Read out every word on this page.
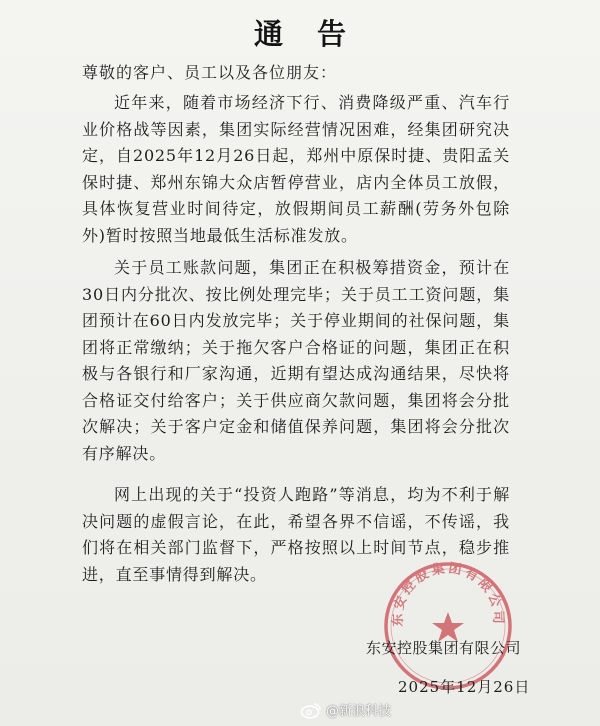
通告
尊敬的客户、员工以及各位朋友：

近年来，随着市场经济下行、消费降级严重、汽车行业价格战等因素，集团实际经营情况困难，经集团研究决定，自2025年12月26日起，郑州中原保时捷、贵阳孟关保时捷、郑州东锦大众店暂停营业，店内全体员工放假，具体恢复营业时间待定，放假期间员工薪酬(劳务外包除外)暂时按照当地最低生活标准发放。

关于员工账款问题，集团正在积极筹措资金，预计在30日内分批次、按比例处理完毕；关于员工工资问题，集团预计在60日内发放完毕；关于停业期间的社保问题，集团将正常缴纳；关于拖欠客户合格证的问题，集团正在积极与各银行和厂家沟通，近期有望达成沟通结果，尽快将合格证交付给客户；关于供应商欠款问题，集团将会分批次解决；关于客户定金和储值保养问题，集团将会分批次有序解决。

网上出现的关于“投资人跑路”等消息，均为不利于解决问题的虚假言论，在此，希望各界不信谣，不传谣，我们将在相关部门监督下，严格按照以上时间节点，稳步推进，直至事情得到解决。

东安控股集团有限公司
东安控股集团有限公司
2025年12月26日
@新浪科技
